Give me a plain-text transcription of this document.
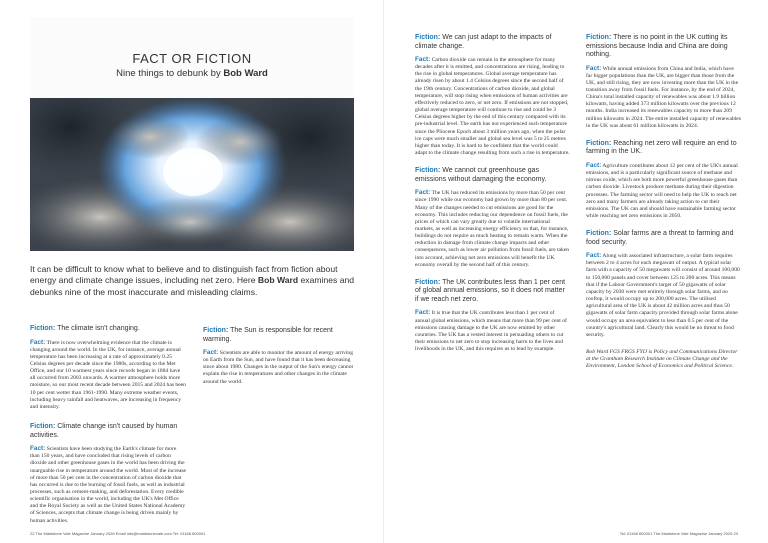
FACT OR FICTION
Nine things to debunk by Bob Ward
It can be difficult to know what to believe and to distinguish fact from fiction about energy and climate change issues, including net zero. Here Bob Ward examines and debunks nine of the most inaccurate and misleading claims.
Fiction: The climate isn't changing.
Fact: There is now overwhelming evidence that the climate is changing around the world. In the UK, for instance, average annual temperature has been increasing at a rate of approximately 0.25 Celsius degrees per decade since the 1980s, according to the Met Office, and our 10 warmest years since records began in 1884 have all occurred from 2003 onwards. A warmer atmosphere holds more moisture, so our most recent decade between 2015 and 2024 has been 10 per cent wetter than 1961-1990. Many extreme weather events, including heavy rainfall and heatwaves, are increasing in frequency and intensity.
Fiction: Climate change isn't caused by human activities.
Fact: Scientists have been studying the Earth's climate for more than 150 years, and have concluded that rising levels of carbon dioxide and other greenhouse gases in the world has been driving the unarguable rise in temperature around the world. Most of the increase of more than 50 per cent in the concentration of carbon dioxide that has occurred is due to the burning of fossil fuels, as well as industrial processes, such as cement-making, and deforestation. Every credible scientific organisation in the world, including the UK's Met Office and the Royal Society as well as the United States National Academy of Sciences, accepts that climate change is being driven mainly by human activities.
Fiction: The Sun is responsible for recent warming.
Fact: Scientists are able to monitor the amount of energy arriving on Earth from the Sun, and have found that it has been decreasing since about 1980. Changes in the output of the Sun's energy cannot explain the rise in temperatures and other changes in the climate around the world.
22 The Maidstone Vale Magazine January 2026 Email info@maidstonevale.com Tel: 01168 600001
Fiction: We can just adapt to the impacts of climate change.
Fact: Carbon dioxide can remain in the atmosphere for many decades after it is emitted, and concentrations are rising, leading to the rise in global temperatures. Global average temperature has already risen by about 1.4 Celsius degrees since the second half of the 19th century. Concentrations of carbon dioxide, and global temperature, will stop rising when emissions of human activities are effectively reduced to zero, or net zero. If emissions are not stopped, global average temperature will continue to rise and could be 3 Celsius degrees higher by the end of this century compared with its pre-industrial level. The earth has not experienced such temperature since the Pliocene Epoch about 3 million years ago, when the polar ice caps were much smaller and global sea level was 5 to 25 metres higher than today. It is hard to be confident that the world could adapt to the climate change resulting from such a rise in temperature.
Fiction: We cannot cut greenhouse gas emissions without damaging the economy.
Fact: The UK has reduced its emissions by more than 50 per cent since 1990 while our economy had grown by more than 80 per cent. Many of the changes needed to cut emissions are good for the economy. This includes reducing our dependence on fossil fuels, the prices of which can vary greatly due to volatile international markets, as well as increasing energy efficiency so that, for instance, buildings do not require as much heating to remain warm. When the reduction in damage from climate change impacts and other consequences, such as lower air pollution from fossil fuels, are taken into account, achieving net zero emissions will benefit the UK economy overall by the second half of this century.
Fiction: The UK contributes less than 1 per cent of global annual emissions, so it does not matter if we reach net zero.
Fact: It is true that the UK contributes less than 1 per cent of annual global emissions, which means that more than 99 per cent of emissions causing damage to the UK are now emitted by other countries. The UK has a vested interest in persuading others to cut their emissions to net zero to stop increasing harm to the lives and livelihoods in the UK, and this requires us to lead by example.
Fiction: There is no point in the UK cutting its emissions because India and China are doing nothing.
Fact: While annual emissions from China and India, which have far bigger populations than the UK, are bigger than those from the UK, and still rising, they are now investing more than the UK in the transition away from fossil fuels. For instance, by the end of 2024, China's total installed capacity of renewables was about 1.9 billion kilowatts, having added 373 million kilowatts over the previous 12 months. India increased its renewables capacity to more than 209 million kilowatts in 2024. The entire installed capacity of renewables in the UK was about 61 million kilowatts in 2024.
Fiction: Reaching net zero will require an end to farming in the UK.
Fact: Agriculture contributes about 12 per cent of the UK's annual emissions, and is a particularly significant source of methane and nitrous oxide, which are both more powerful greenhouse gases than carbon dioxide. Livestock produce methane during their digestion processes. The farming sector will need to help the UK to reach net zero and many farmers are already taking action to cut their emissions. The UK can and should have sustainable farming sector while reaching net zero emissions in 2050.
Fiction: Solar farms are a threat to farming and food security.
Fact: Along with associated infrastructure, a solar farm requires between 2 to 4 acres for each megawatt of output. A typical solar farm with a capacity of 50 megawatts will consist of around 100,000 to 150,000 panels and cover between 125 to 200 acres. This means that if the Labour Government's target of 50 gigawatts of solar capacity by 2030 were met entirely through solar farms, and no rooftop, it would occupy up to 200,000 acres. The utilised agricultural area of the UK is about 42 million acres and thus 50 gigawatts of solar farm capacity provided through solar farms alone would occupy an area equivalent to less than 0.5 per cent of the country's agricultural land. Clearly this would be no threat to food security.
Bob Ward FGS FRGS FYIJ is Policy and Communications Director at the Grantham Research Institute on Climate Change and the Environment, London School of Economics and Political Science.
Tel: 01168 600001 The Maidstone Vale Magazine January 2026 23
